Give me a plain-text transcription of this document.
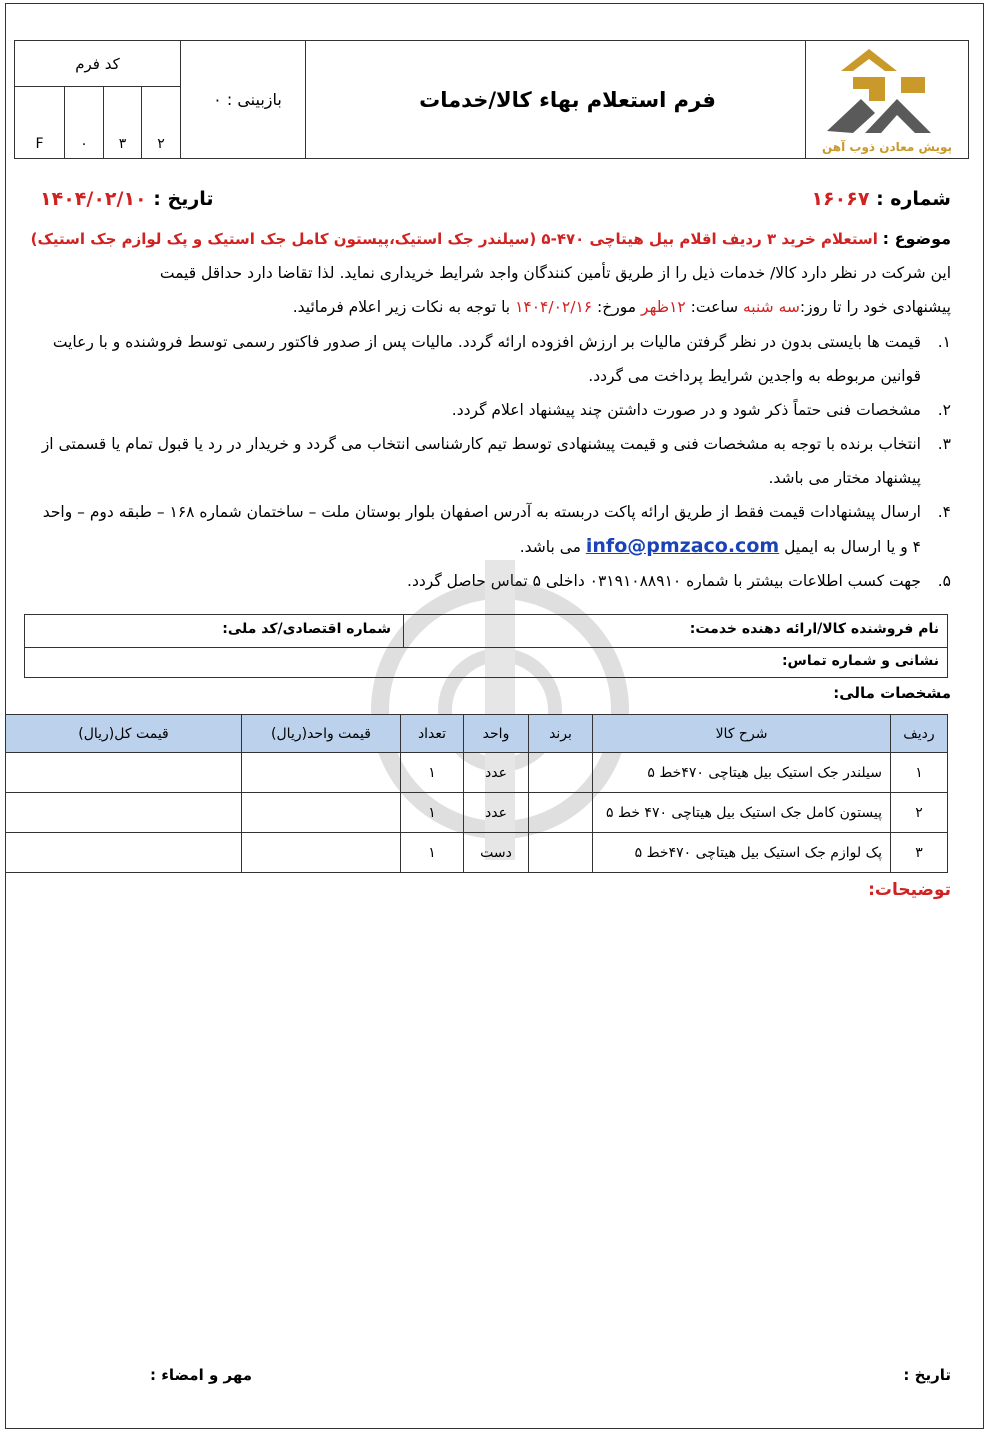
کد فرم
F	۰	۳	۲
بازبینی : ۰	فرم استعلام بهاء کالا/خدمات
پویش معادن ذوب آهن
شماره : ۱۶۰۶۷
تاریخ : ۱۴۰۴/۰۲/۱۰
موضوع : استعلام خرید ۳ ردیف اقلام بیل هیتاچی ۴۷۰-۵ (سیلندر جک استیک،پیستون کامل جک استیک و پک لوازم جک استیک)
این شرکت در نظر دارد کالا/ خدمات ذیل را از طریق تأمین کنندگان واجد شرایط خریداری نماید. لذا تقاضا دارد حداقل قیمت
پیشنهادی خود را تا روز:سه شنبه ساعت: ۱۲ظهر مورخ: ۱۴۰۴/۰۲/۱۶ با توجه به نکات زیر اعلام فرمائید.
۱.
قیمت ها بایستی بدون در نظر گرفتن مالیات بر ارزش افزوده ارائه گردد. مالیات پس از صدور فاکتور رسمی توسط فروشنده و با رعایت قوانین مربوطه به واجدین شرایط پرداخت می گردد.
۲.
مشخصات فنی حتماً ذکر شود و در صورت داشتن چند پیشنهاد اعلام گردد.
۳.
انتخاب برنده با توجه به مشخصات فنی و قیمت پیشنهادی توسط تیم کارشناسی انتخاب می گردد و خریدار در رد یا قبول تمام یا قسمتی از پیشنهاد مختار می باشد.
۴.
ارسال پیشنهادات قیمت فقط از طریق ارائه پاکت دربسته به آدرس اصفهان بلوار بوستان ملت – ساختمان شماره ۱۶۸ – طبقه دوم – واحد ۴ و یا ارسال به ایمیل info@pmzaco.com می باشد.
۵.
جهت کسب اطلاعات بیشتر با شماره ۰۳۱۹۱۰۸۸۹۱۰ داخلی ۵ تماس حاصل گردد.
نام فروشنده کالا/ارائه دهنده خدمت:
شماره اقتصادی/کد ملی:
نشانی و شماره تماس:
مشخصات مالی:
ردیف	شرح کالا	برند	واحد	تعداد	قیمت واحد(ریال)	قیمت کل(ریال)
۱	سیلندر جک استیک بیل هیتاچی ۴۷۰خط ۵		عدد	۱		
۲	پیستون کامل جک استیک بیل هیتاچی ۴۷۰ خط ۵		عدد	۱		
۳	پک لوازم جک استیک بیل هیتاچی ۴۷۰خط ۵		دست	۱		
توضیحات:
تاریخ :
مهر و امضاء :
